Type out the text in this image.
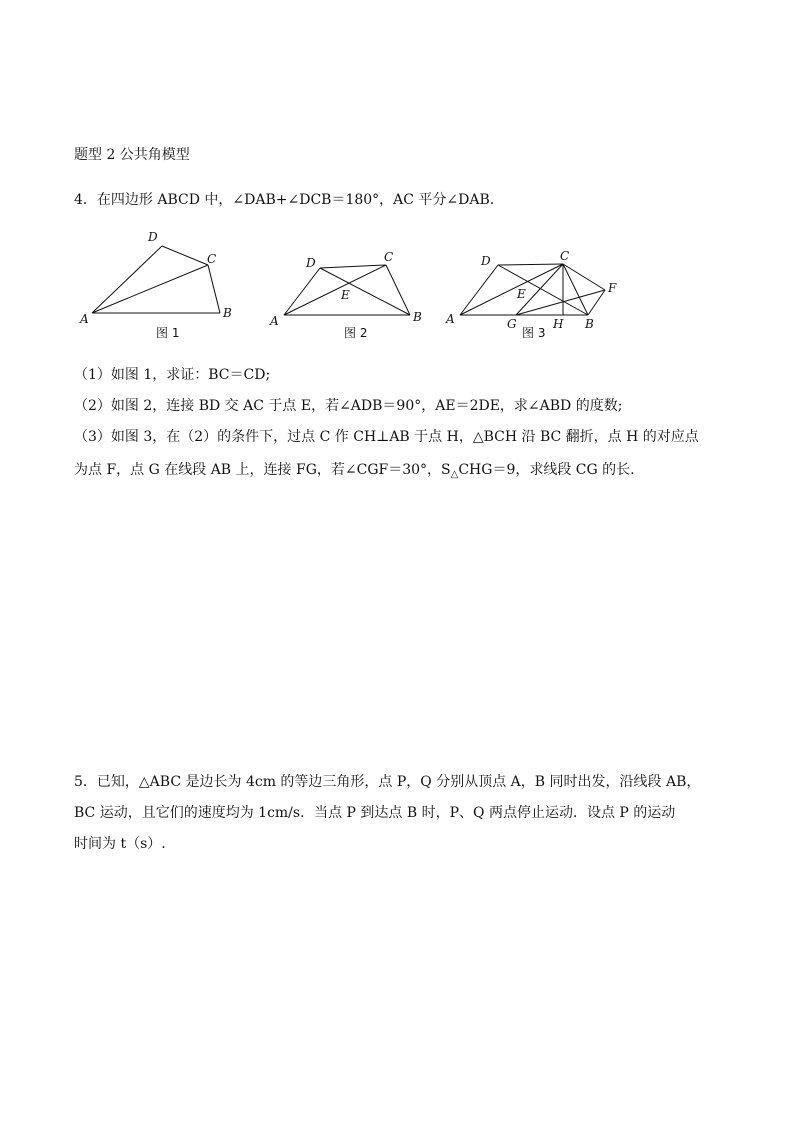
题型 2 公共角模型
4．在四边形 ABCD 中，∠DAB+∠DCB＝180°，AC 平分∠DAB.
D
C
A	B
图 1
D	C
E
A	B
图 2
D	C
F
E
A	G	H B
图 3
（1）如图 1，求证：BC＝CD;
（2）如图 2，连接 BD 交 AC 于点 E，若∠ADB＝90°，AE＝2DE，求∠ABD 的度数;
（3）如图 3，在（2）的条件下，过点 C 作 CH⊥AB 于点 H，△BCH 沿 BC 翻折，点 H 的对应点
为点 F，点 G 在线段 AB 上，连接 FG，若∠CGF＝30°，$S_\triangle CHG=9$，求线段 CG 的长.
5．已知，△ABC 是边长为 4cm 的等边三角形，点 P，Q 分别从顶点 A，B 同时出发，沿线段 AB，
BC 运动，且它们的速度均为 1cm/s．当点 P 到达点 B 时，P、Q 两点停止运动．设点 P 的运动
时间为 t（s）.
